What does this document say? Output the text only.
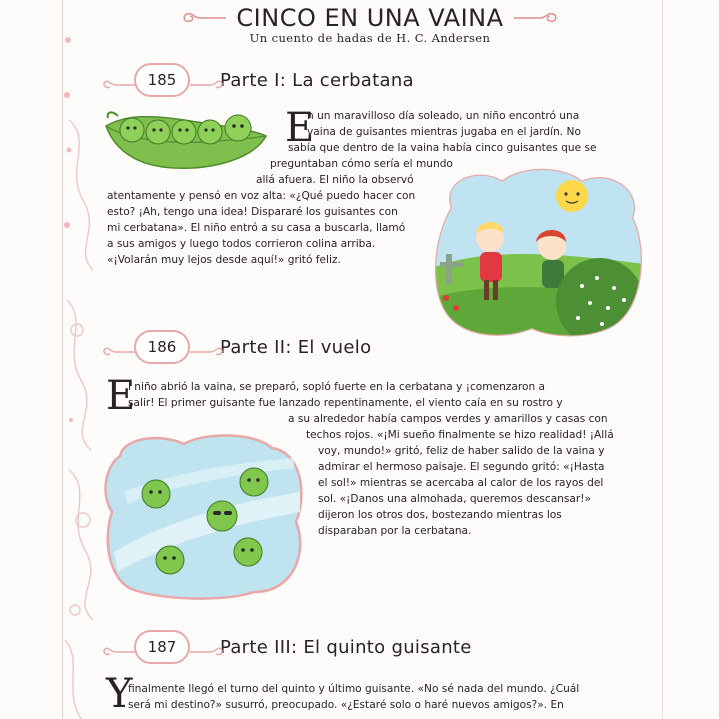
CINCO EN UNA VAINA
Un cuento de hadas de H. C. Andersen
185	Parte I: La cerbatana
E
n un maravilloso día soleado, un niño encontró una
vaina de guisantes mientras jugaba en el jardín. No
sabía que dentro de la vaina había cinco guisantes que se
preguntaban cómo sería el mundo
allá afuera. El niño la observó
atentamente y pensó en voz alta: «¿Qué puedo hacer con
esto? ¡Ah, tengo una idea! Dispararé los guisantes con
mi cerbatana». El niño entró a su casa a buscarla, llamó
a sus amigos y luego todos corrieron colina arriba.
«¡Volarán muy lejos desde aquí!» gritó feliz.
186	Parte II: El vuelo
E
l niño abrió la vaina, se preparó, sopló fuerte en la cerbatana y ¡comenzaron a
salir! El primer guisante fue lanzado repentinamente, el viento caía en su rostro y
a su alrededor había campos verdes y amarillos y casas con
techos rojos. «¡Mi sueño finalmente se hizo realidad! ¡Allá
voy, mundo!» gritó, feliz de haber salido de la vaina y
admirar el hermoso paisaje. El segundo gritó: «¡Hasta
el sol!» mientras se acercaba al calor de los rayos del
sol. «¡Danos una almohada, queremos descansar!»
dijeron los otros dos, bostezando mientras los
disparaban por la cerbatana.
187	Parte III: El quinto guisante
Y
finalmente llegó el turno del quinto y último guisante. «No sé nada del mundo. ¿Cuál
será mi destino?» susurró, preocupado. «¿Estaré solo o haré nuevos amigos?». En
